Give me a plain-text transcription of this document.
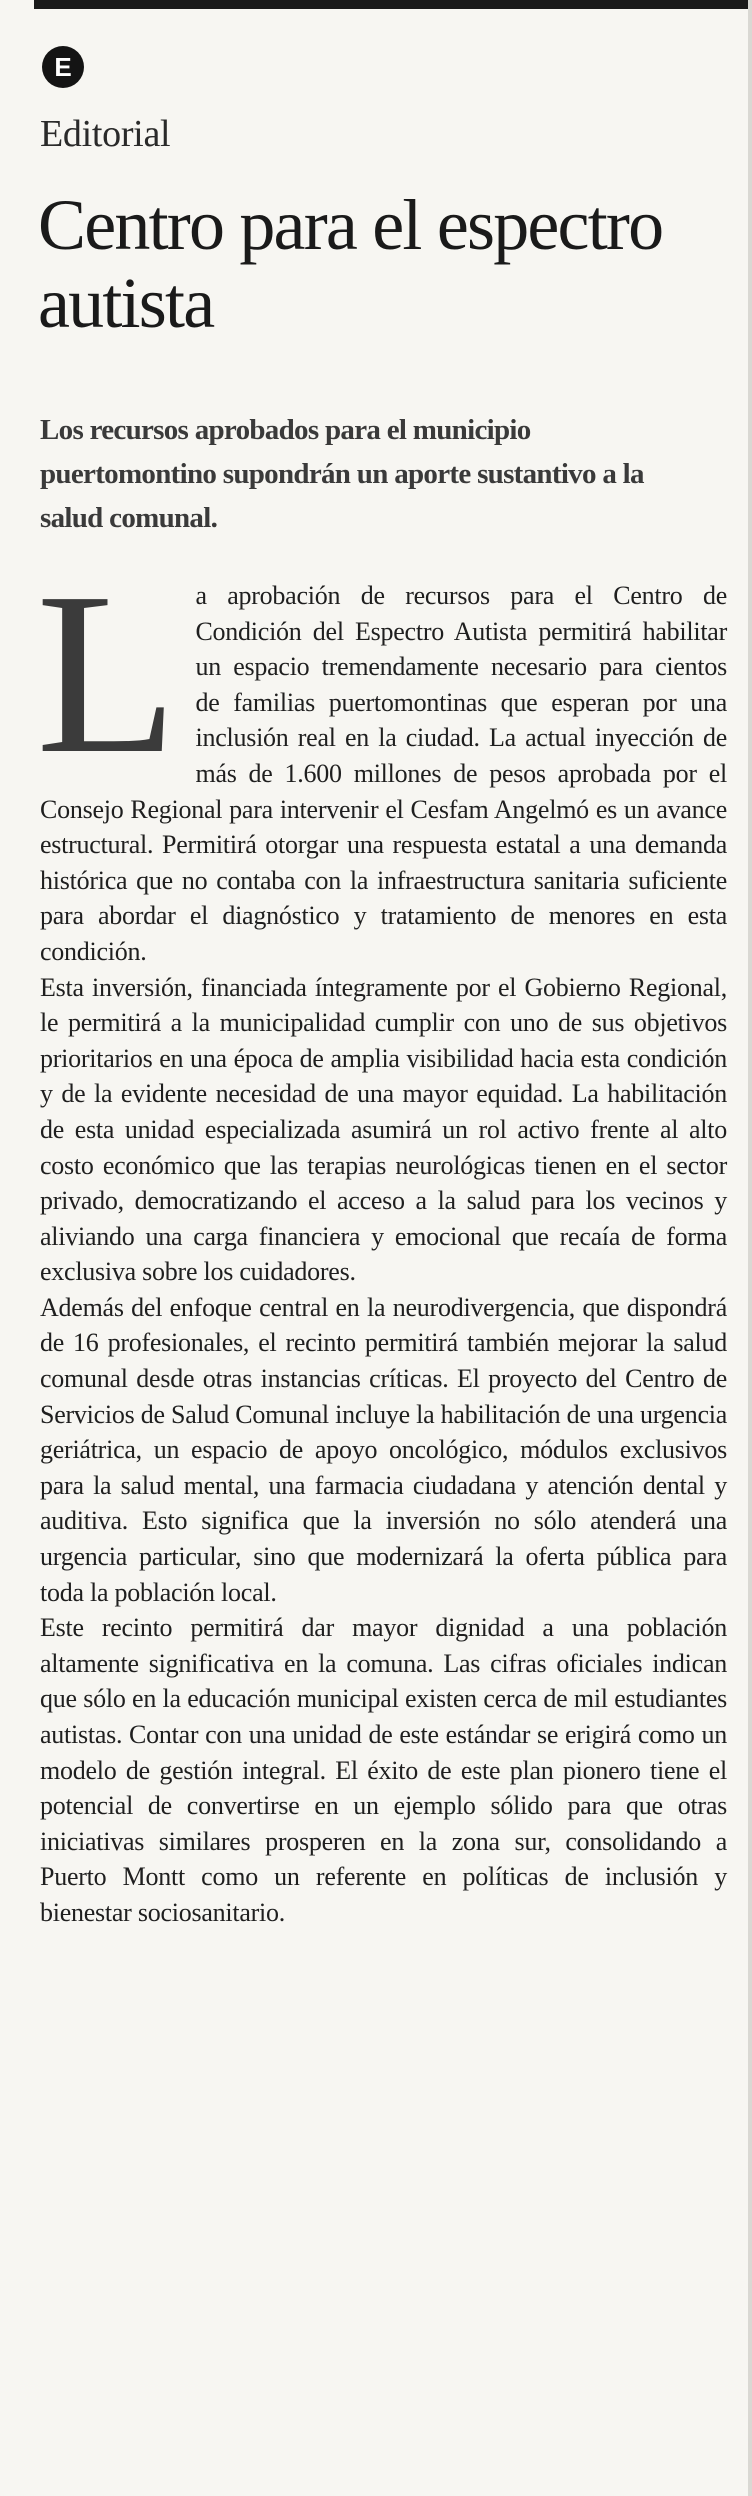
E
Editorial
Centro para el espectro autista

Los recursos aprobados para el municipio puertomontino supondrán un aporte sustantivo a la salud comunal.

L a aprobación de recursos para el Centro de Condición del Espectro Autista permitirá habilitar un espacio tremendamente necesario para cientos de familias puertomontinas que esperan por una inclusión real en la ciudad. La actual inyección de más de 1.600 millones de pesos aprobada por el Consejo Regional para intervenir el Cesfam Angelmó es un avance estructural. Permitirá otorgar una respuesta estatal a una demanda histórica que no contaba con la infraestructura sanitaria suficiente para abordar el diagnóstico y tratamiento de menores en esta condición.

Esta inversión, financiada íntegramente por el Gobierno Regional, le permitirá a la municipalidad cumplir con uno de sus objetivos prioritarios en una época de amplia visibilidad hacia esta condición y de la evidente necesidad de una mayor equidad. La habilitación de esta unidad especializada asumirá un rol activo frente al alto costo económico que las terapias neurológicas tienen en el sector privado, democratizando el acceso a la salud para los vecinos y aliviando una carga financiera y emocional que recaía de forma exclusiva sobre los cuidadores.

Además del enfoque central en la neurodivergencia, que dispondrá de 16 profesionales, el recinto permitirá también mejorar la salud comunal desde otras instancias críticas. El proyecto del Centro de Servicios de Salud Comunal incluye la habilitación de una urgencia geriátrica, un espacio de apoyo oncológico, módulos exclusivos para la salud mental, una farmacia ciudadana y atención dental y auditiva. Esto significa que la inversión no sólo atenderá una urgencia particular, sino que modernizará la oferta pública para toda la población local.

Este recinto permitirá dar mayor dignidad a una población altamente significativa en la comuna. Las cifras oficiales indican que sólo en la educación municipal existen cerca de mil estudiantes autistas. Contar con una unidad de este estándar se erigirá como un modelo de gestión integral. El éxito de este plan pionero tiene el potencial de convertirse en un ejemplo sólido para que otras iniciativas similares prosperen en la zona sur, consolidando a Puerto Montt como un referente en políticas de inclusión y bienestar sociosanitario.
